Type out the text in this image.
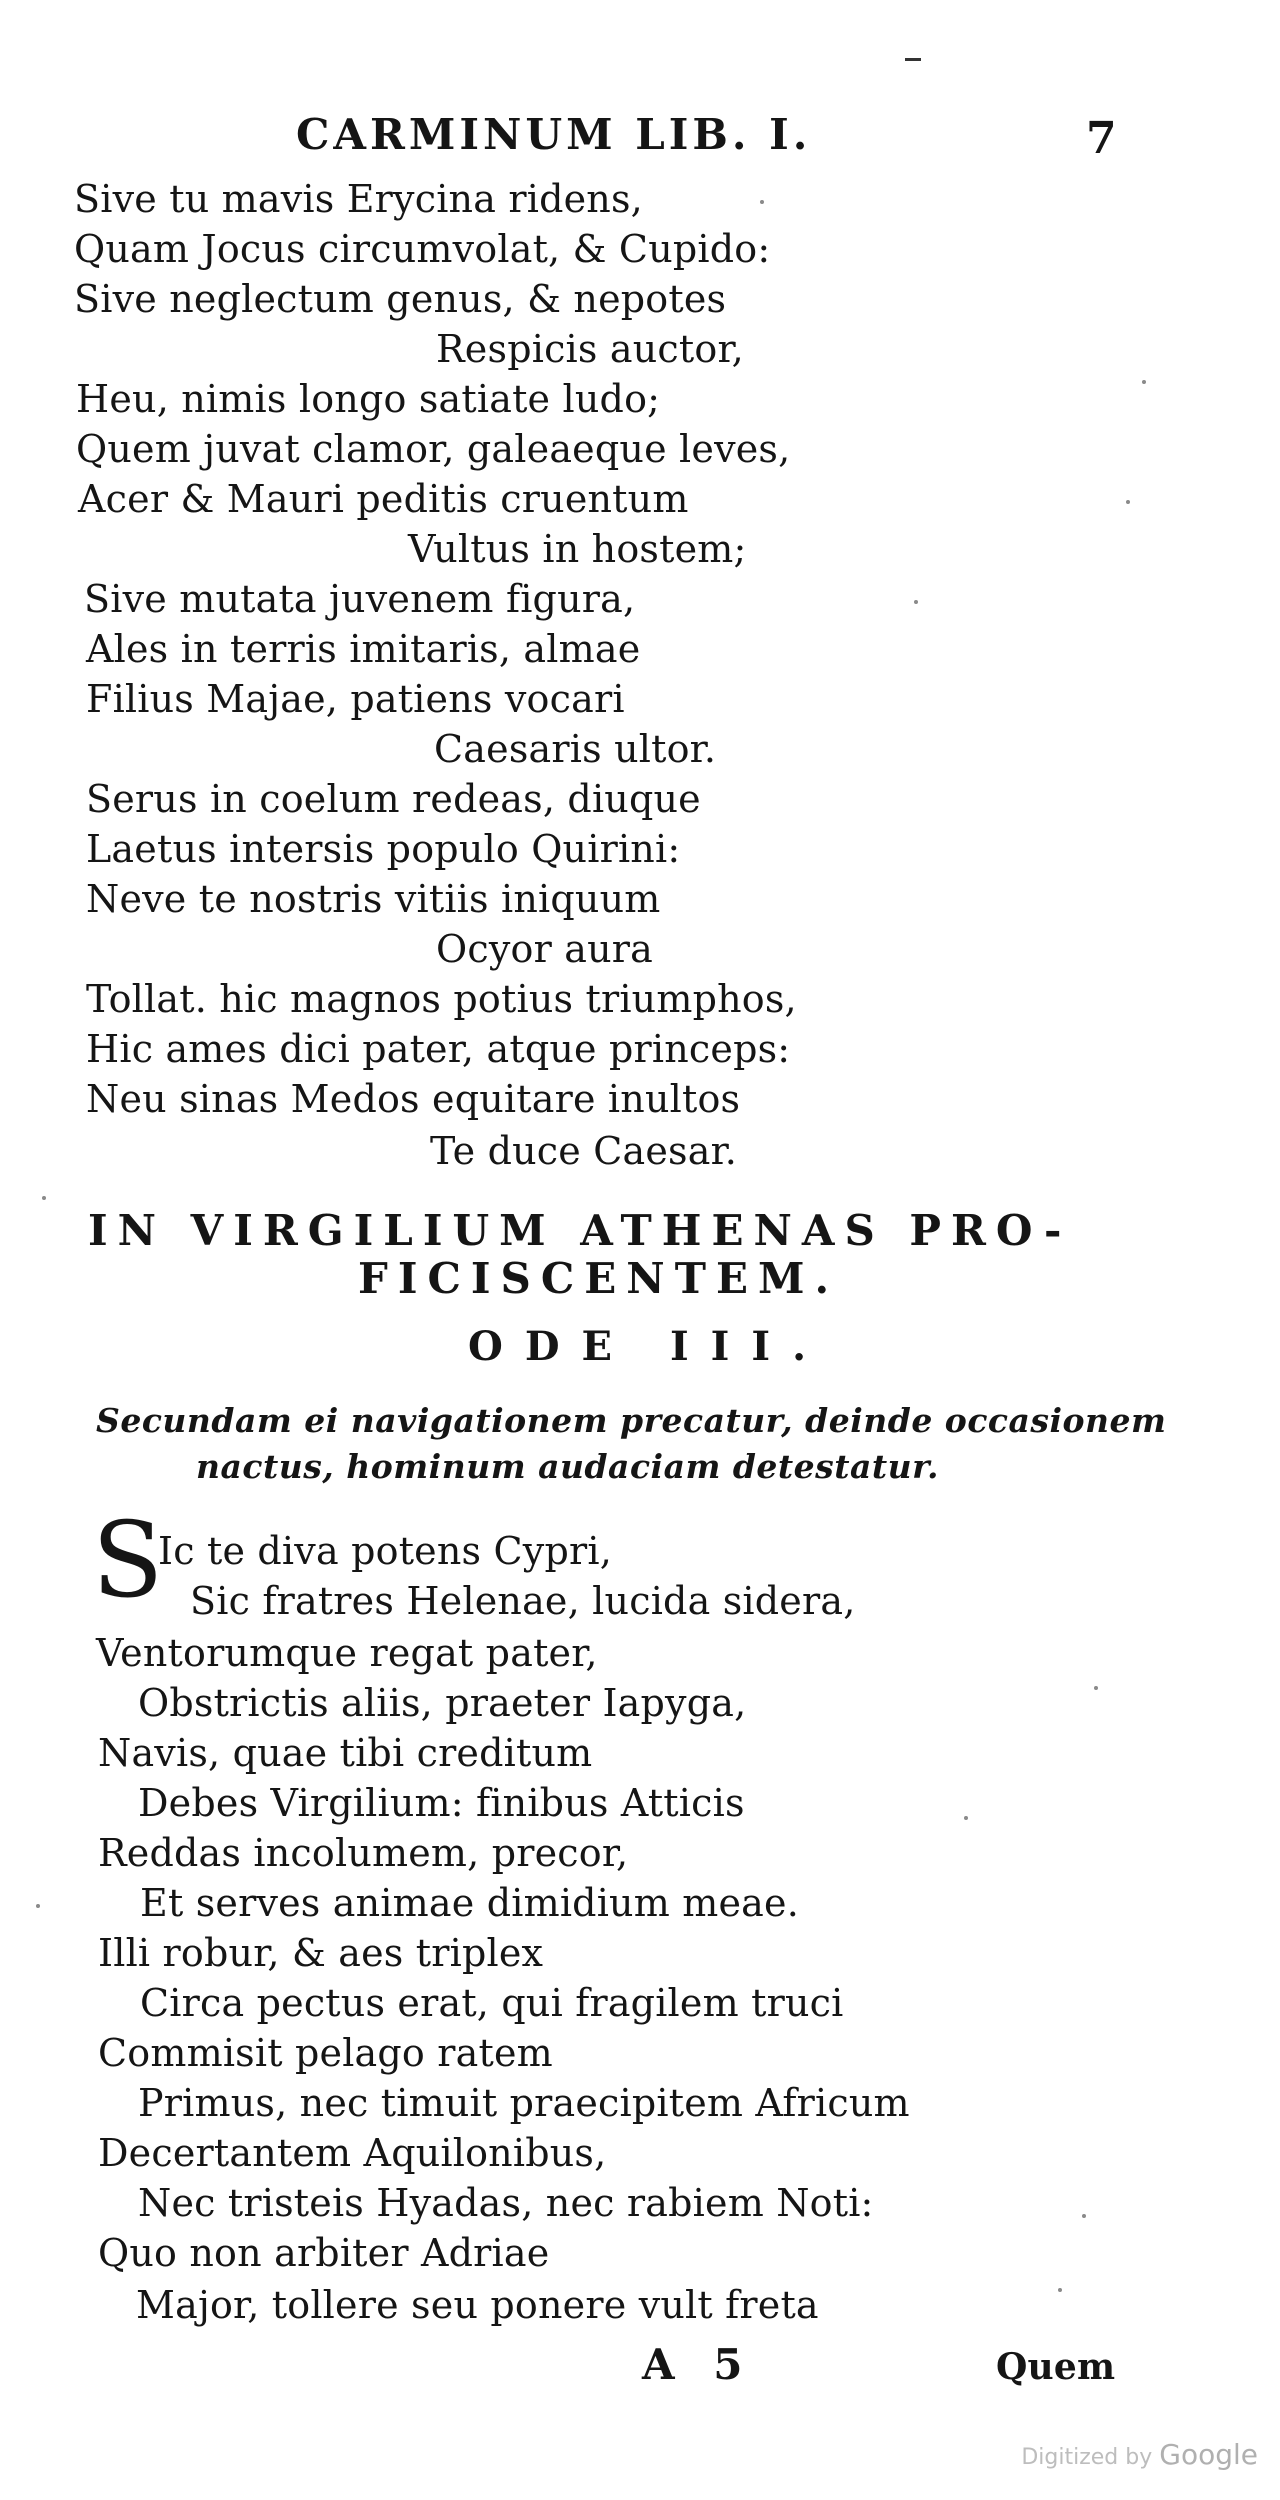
CARMINUM LIB. I.	7
Sive tu mavis Erycina ridens,
Quam Jocus circumvolat, & Cupido:
Sive neglectum genus, & nepotes
Respicis auctor,
Heu, nimis longo satiate ludo;
Quem juvat clamor, galeaeque leves,
Acer & Mauri peditis cruentum
Vultus in hostem;
Sive mutata juvenem figura,
Ales in terris imitaris, almae
Filius Majae, patiens vocari
Caesaris ultor.
Serus in coelum redeas, diuque
Laetus intersis populo Quirini:
Neve te nostris vitiis iniquum
Ocyor aura
Tollat. hic magnos potius triumphos,
Hic ames dici pater, atque princeps:
Neu sinas Medos equitare inultos
Te duce Caesar.
IN VIRGILIUM ATHENAS PRO-
FICISCENTEM.
ODE III.
Secundam ei navigationem precatur, deinde occasionem
nactus, hominum audaciam detestatur.
S
Ic te diva potens Cypri,
Sic fratres Helenae, lucida sidera,
Ventorumque regat pater,
Obstrictis aliis, praeter Iapyga,
Navis, quae tibi creditum
Debes Virgilium: finibus Atticis
Reddas incolumem, precor,
Et serves animae dimidium meae.
Illi robur, & aes triplex
Circa pectus erat, qui fragilem truci
Commisit pelago ratem
Primus, nec timuit praecipitem Africum
Decertantem Aquilonibus,
Nec tristeis Hyadas, nec rabiem Noti:
Quo non arbiter Adriae
Major, tollere seu ponere vult freta
A 5	Quem
Digitized by Google
